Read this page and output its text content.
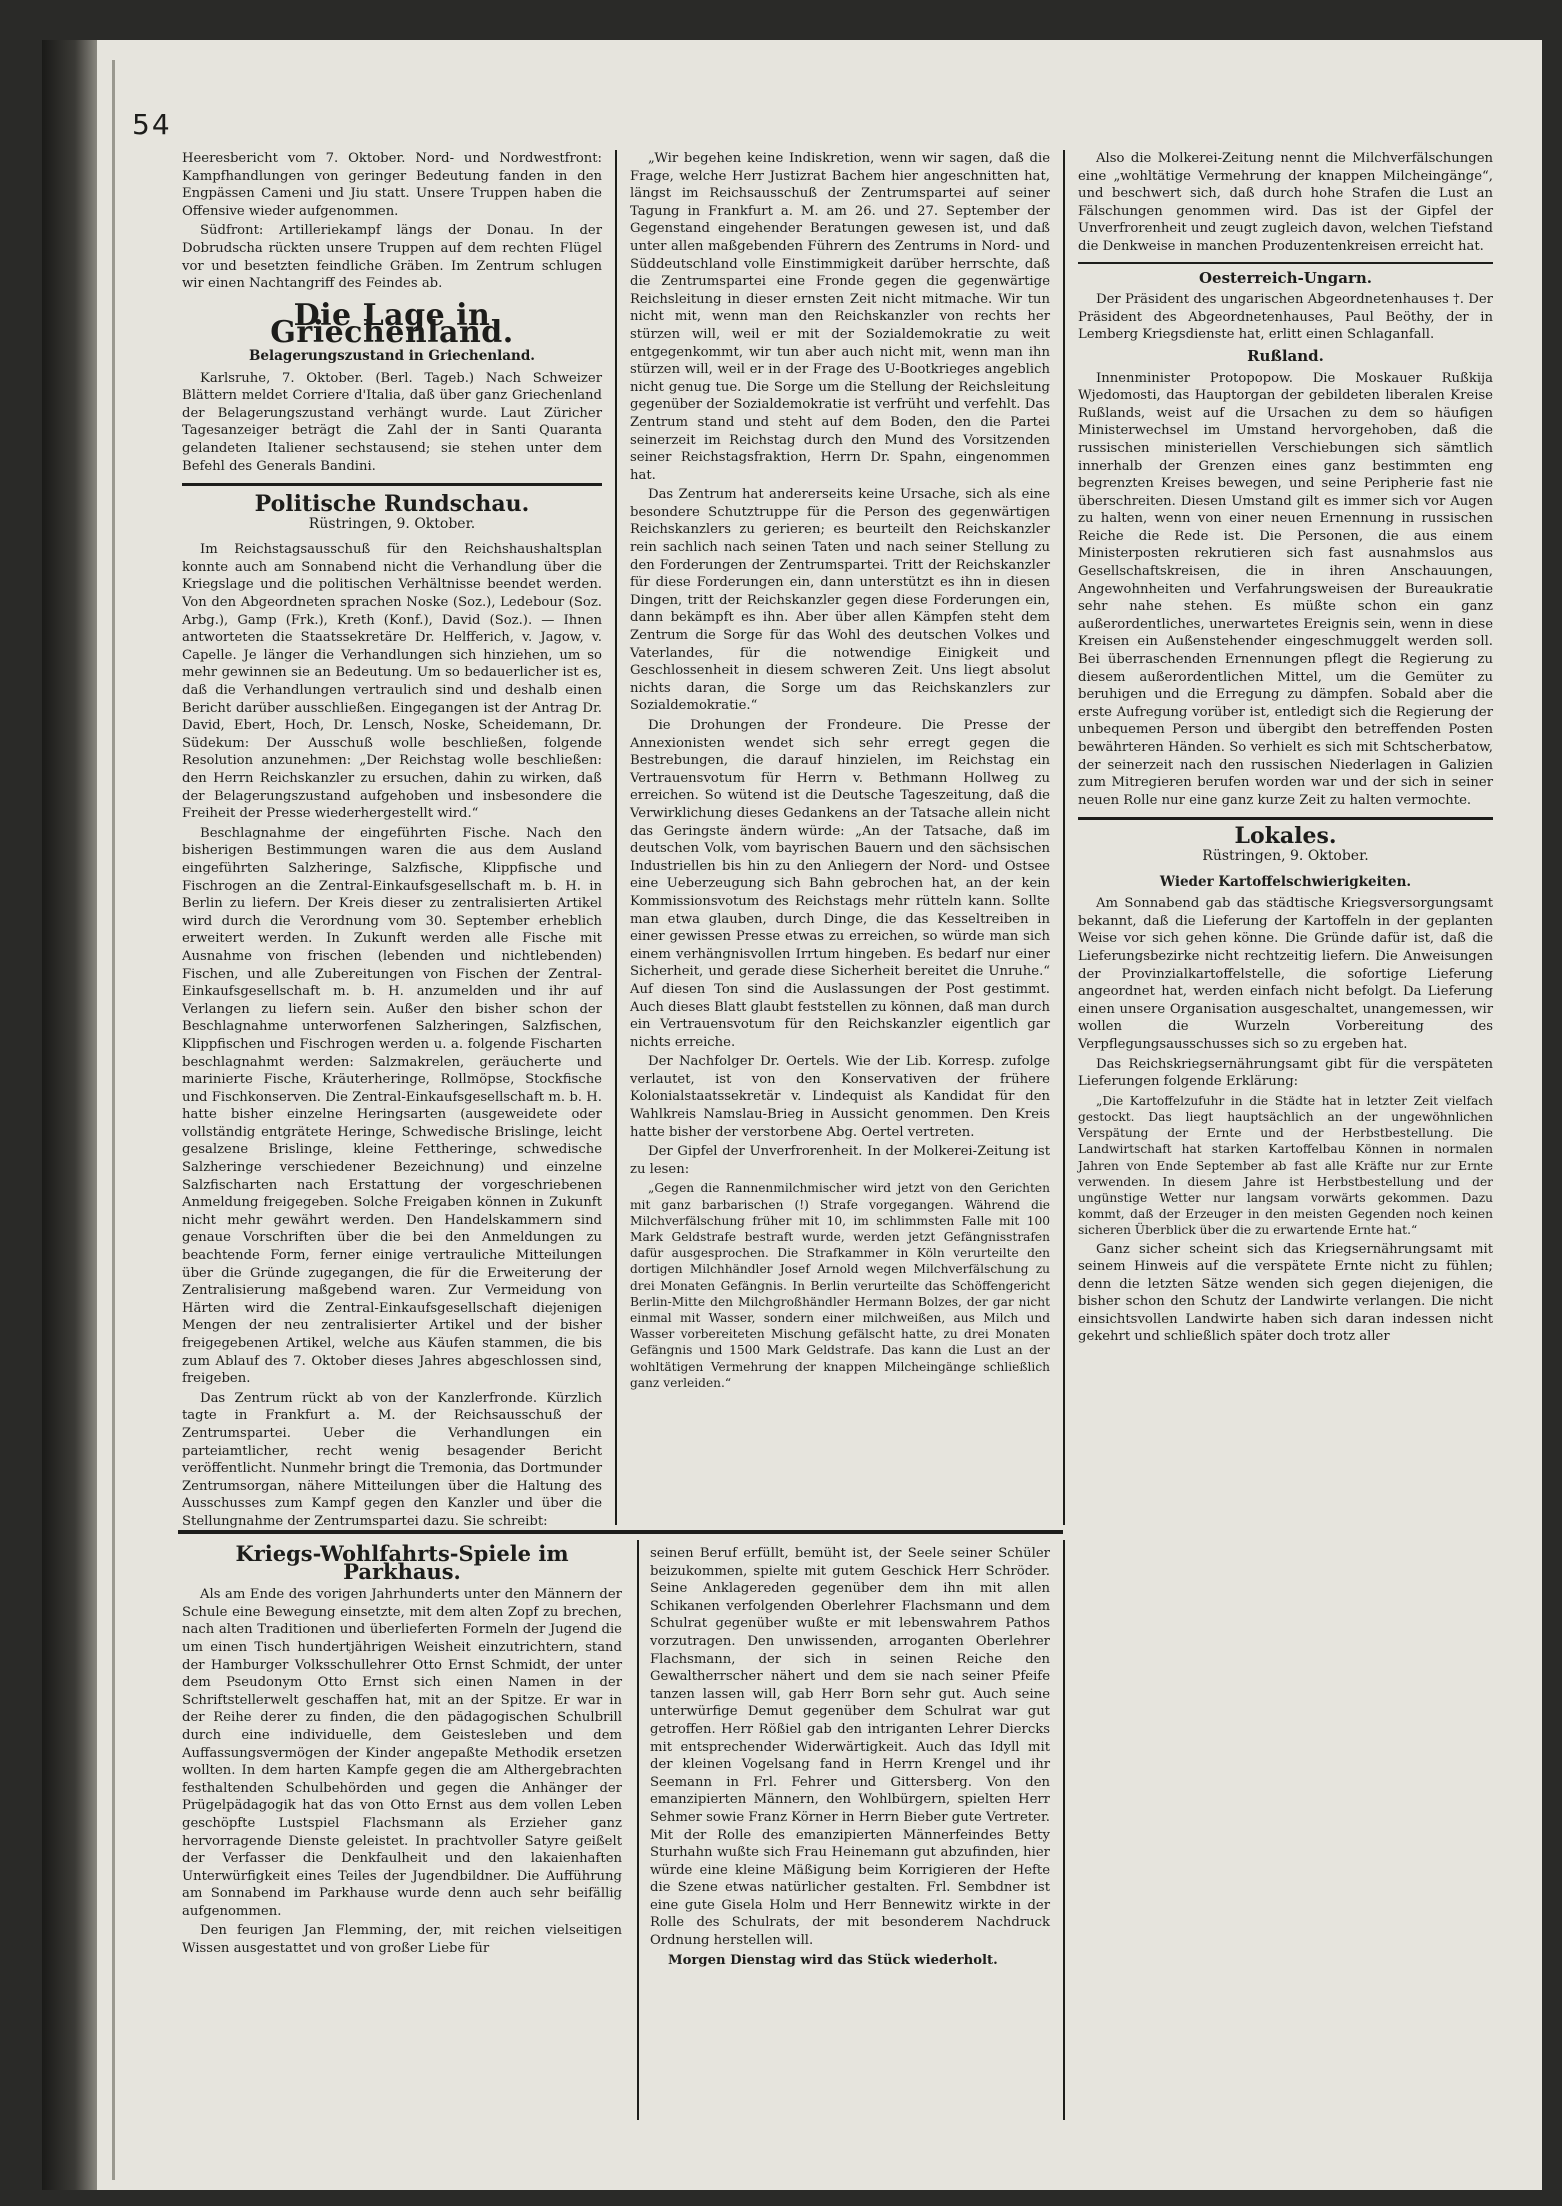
54

Heeresbericht vom 7. Oktober. Nord- und Nordwestfront: Kampfhandlungen von geringer Bedeutung fanden in den Engpässen Cameni und Jiu statt. Unsere Truppen haben die Offensive wieder aufgenommen.

Südfront: Artilleriekampf längs der Donau. In der Dobrudscha rückten unsere Truppen auf dem rechten Flügel vor und besetzten feindliche Gräben. Im Zentrum schlugen wir einen Nachtangriff des Feindes ab.

Die Lage in Griechenland.
Belagerungszustand in Griechenland.

Karlsruhe, 7. Oktober. (Berl. Tageb.) Nach Schweizer Blättern meldet Corriere d'Italia, daß über ganz Griechenland der Belagerungszustand verhängt wurde. Laut Züricher Tagesanzeiger beträgt die Zahl der in Santi Quaranta gelandeten Italiener sechstausend; sie stehen unter dem Befehl des Generals Bandini.

Politische Rundschau.
Rüstringen, 9. Oktober.

Im Reichstagsausschuß für den Reichshaushaltsplan konnte auch am Sonnabend nicht die Verhandlung über die Kriegslage und die politischen Verhältnisse beendet werden. Von den Abgeordneten sprachen Noske (Soz.), Ledebour (Soz. Arbg.), Gamp (Frk.), Kreth (Konf.), David (Soz.). — Ihnen antworteten die Staatssekretäre Dr. Helfferich, v. Jagow, v. Capelle. Je länger die Verhandlungen sich hinziehen, um so mehr gewinnen sie an Bedeutung. Um so bedauerlicher ist es, daß die Verhandlungen vertraulich sind und deshalb einen Bericht darüber ausschließen. Eingegangen ist der Antrag Dr. David, Ebert, Hoch, Dr. Lensch, Noske, Scheidemann, Dr. Südekum: Der Ausschuß wolle beschließen, folgende Resolution anzunehmen: „Der Reichstag wolle beschließen: den Herrn Reichskanzler zu ersuchen, dahin zu wirken, daß der Belagerungszustand aufgehoben und insbesondere die Freiheit der Presse wiederhergestellt wird.“

Beschlagnahme der eingeführten Fische. Nach den bisherigen Bestimmungen waren die aus dem Ausland eingeführten Salzheringe, Salzfische, Klippfische und Fischrogen an die Zentral-Einkaufsgesellschaft m. b. H. in Berlin zu liefern. Der Kreis dieser zu zentralisierten Artikel wird durch die Verordnung vom 30. September erheblich erweitert werden. In Zukunft werden alle Fische mit Ausnahme von frischen (lebenden und nichtlebenden) Fischen, und alle Zubereitungen von Fischen der Zentral-Einkaufsgesellschaft m. b. H. anzumelden und ihr auf Verlangen zu liefern sein. Außer den bisher schon der Beschlagnahme unterworfenen Salzheringen, Salzfischen, Klippfischen und Fischrogen werden u. a. folgende Fischarten beschlagnahmt werden: Salzmakrelen, geräucherte und marinierte Fische, Kräuterheringe, Rollmöpse, Stockfische und Fischkonserven. Die Zentral-Einkaufsgesellschaft m. b. H. hatte bisher einzelne Heringsarten (ausgeweidete oder vollständig entgrätete Heringe, Schwedische Brislinge, leicht gesalzene Brislinge, kleine Fettheringe, schwedische Salzheringe verschiedener Bezeichnung) und einzelne Salzfischarten nach Erstattung der vorgeschriebenen Anmeldung freigegeben. Solche Freigaben können in Zukunft nicht mehr gewährt werden. Den Handelskammern sind genaue Vorschriften über die bei den Anmeldungen zu beachtende Form, ferner einige vertrauliche Mitteilungen über die Gründe zugegangen, die für die Erweiterung der Zentralisierung maßgebend waren. Zur Vermeidung von Härten wird die Zentral-Einkaufsgesellschaft diejenigen Mengen der neu zentralisierter Artikel und der bisher freigegebenen Artikel, welche aus Käufen stammen, die bis zum Ablauf des 7. Oktober dieses Jahres abgeschlossen sind, freigeben.

Das Zentrum rückt ab von der Kanzlerfronde. Kürzlich tagte in Frankfurt a. M. der Reichsausschuß der Zentrumspartei. Ueber die Verhandlungen ein parteiamtlicher, recht wenig besagender Bericht veröffentlicht. Nunmehr bringt die Tremonia, das Dortmunder Zentrumsorgan, nähere Mitteilungen über die Haltung des Ausschusses zum Kampf gegen den Kanzler und über die Stellungnahme der Zentrumspartei dazu. Sie schreibt:

„Wir begehen keine Indiskretion, wenn wir sagen, daß die Frage, welche Herr Justizrat Bachem hier angeschnitten hat, längst im Reichsausschuß der Zentrumspartei auf seiner Tagung in Frankfurt a. M. am 26. und 27. September der Gegenstand eingehender Beratungen gewesen ist, und daß unter allen maßgebenden Führern des Zentrums in Nord- und Süddeutschland volle Einstimmigkeit darüber herrschte, daß die Zentrumspartei eine Fronde gegen die gegenwärtige Reichsleitung in dieser ernsten Zeit nicht mitmache. Wir tun nicht mit, wenn man den Reichskanzler von rechts her stürzen will, weil er mit der Sozialdemokratie zu weit entgegenkommt, wir tun aber auch nicht mit, wenn man ihn stürzen will, weil er in der Frage des U-Bootkrieges angeblich nicht genug tue. Die Sorge um die Stellung der Reichsleitung gegenüber der Sozialdemokratie ist verfrüht und verfehlt. Das Zentrum stand und steht auf dem Boden, den die Partei seinerzeit im Reichstag durch den Mund des Vorsitzenden seiner Reichstagsfraktion, Herrn Dr. Spahn, eingenommen hat.

Das Zentrum hat andererseits keine Ursache, sich als eine besondere Schutztruppe für die Person des gegenwärtigen Reichskanzlers zu gerieren; es beurteilt den Reichskanzler rein sachlich nach seinen Taten und nach seiner Stellung zu den Forderungen der Zentrumspartei. Tritt der Reichskanzler für diese Forderungen ein, dann unterstützt es ihn in diesen Dingen, tritt der Reichskanzler gegen diese Forderungen ein, dann bekämpft es ihn. Aber über allen Kämpfen steht dem Zentrum die Sorge für das Wohl des deutschen Volkes und Vaterlandes, für die notwendige Einigkeit und Geschlossenheit in diesem schweren Zeit. Uns liegt absolut nichts daran, die Sorge um das Reichskanzlers zur Sozialdemokratie.“

Die Drohungen der Frondeure. Die Presse der Annexionisten wendet sich sehr erregt gegen die Bestrebungen, die darauf hinzielen, im Reichstag ein Vertrauensvotum für Herrn v. Bethmann Hollweg zu erreichen. So wütend ist die Deutsche Tageszeitung, daß die Verwirklichung dieses Gedankens an der Tatsache allein nicht das Geringste ändern würde: „An der Tatsache, daß im deutschen Volk, vom bayrischen Bauern und den sächsischen Industriellen bis hin zu den Anliegern der Nord- und Ostsee eine Ueberzeugung sich Bahn gebrochen hat, an der kein Kommissionsvotum des Reichstags mehr rütteln kann. Sollte man etwa glauben, durch Dinge, die das Kesseltreiben in einer gewissen Presse etwas zu erreichen, so würde man sich einem verhängnisvollen Irrtum hingeben. Es bedarf nur einer Sicherheit, und gerade diese Sicherheit bereitet die Unruhe.“ Auf diesen Ton sind die Auslassungen der Post gestimmt. Auch dieses Blatt glaubt feststellen zu können, daß man durch ein Vertrauensvotum für den Reichskanzler eigentlich gar nichts erreiche.

Der Nachfolger Dr. Oertels. Wie der Lib. Korresp. zufolge verlautet, ist von den Konservativen der frühere Kolonialstaatssekretär v. Lindequist als Kandidat für den Wahlkreis Namslau-Brieg in Aussicht genommen. Den Kreis hatte bisher der verstorbene Abg. Oertel vertreten.

Der Gipfel der Unverfrorenheit. In der Molkerei-Zeitung ist zu lesen:

„Gegen die Rannenmilchmischer wird jetzt von den Gerichten mit ganz barbarischen (!) Strafe vorgegangen. Während die Milchverfälschung früher mit 10, im schlimmsten Falle mit 100 Mark Geldstrafe bestraft wurde, werden jetzt Gefängnisstrafen dafür ausgesprochen. Die Strafkammer in Köln verurteilte den dortigen Milchhändler Josef Arnold wegen Milchverfälschung zu drei Monaten Gefängnis. In Berlin verurteilte das Schöffengericht Berlin-Mitte den Milchgroßhändler Hermann Bolzes, der gar nicht einmal mit Wasser, sondern einer milchweißen, aus Milch und Wasser vorbereiteten Mischung gefälscht hatte, zu drei Monaten Gefängnis und 1500 Mark Geldstrafe. Das kann die Lust an der wohltätigen Vermehrung der knappen Milcheingänge schließlich ganz verleiden.“

Also die Molkerei-Zeitung nennt die Milchverfälschungen eine „wohltätige Vermehrung der knappen Milcheingänge“, und beschwert sich, daß durch hohe Strafen die Lust an Fälschungen genommen wird. Das ist der Gipfel der Unverfrorenheit und zeugt zugleich davon, welchen Tiefstand die Denkweise in manchen Produzentenkreisen erreicht hat.

Oesterreich-Ungarn.

Der Präsident des ungarischen Abgeordnetenhauses †. Der Präsident des Abgeordnetenhauses, Paul Beöthy, der in Lemberg Kriegsdienste hat, erlitt einen Schlaganfall.

Rußland.

Innenminister Protopopow. Die Moskauer Rußkija Wjedomosti, das Hauptorgan der gebildeten liberalen Kreise Rußlands, weist auf die Ursachen zu dem so häufigen Ministerwechsel im Umstand hervorgehoben, daß die russischen ministeriellen Verschiebungen sich sämtlich innerhalb der Grenzen eines ganz bestimmten eng begrenzten Kreises bewegen, und seine Peripherie fast nie überschreiten. Diesen Umstand gilt es immer sich vor Augen zu halten, wenn von einer neuen Ernennung in russischen Reiche die Rede ist. Die Personen, die aus einem Ministerposten rekrutieren sich fast ausnahmslos aus Gesellschaftskreisen, die in ihren Anschauungen, Angewohnheiten und Verfahrungsweisen der Bureaukratie sehr nahe stehen. Es müßte schon ein ganz außerordentliches, unerwartetes Ereignis sein, wenn in diese Kreisen ein Außenstehender eingeschmuggelt werden soll. Bei überraschenden Ernennungen pflegt die Regierung zu diesem außerordentlichen Mittel, um die Gemüter zu beruhigen und die Erregung zu dämpfen. Sobald aber die erste Aufregung vorüber ist, entledigt sich die Regierung der unbequemen Person und übergibt den betreffenden Posten bewährteren Händen. So verhielt es sich mit Schtscherbatow, der seinerzeit nach den russischen Niederlagen in Galizien zum Mitregieren berufen worden war und der sich in seiner neuen Rolle nur eine ganz kurze Zeit zu halten vermochte.

Lokales.
Rüstringen, 9. Oktober.
Wieder Kartoffelschwierigkeiten.

Am Sonnabend gab das städtische Kriegsversorgungsamt bekannt, daß die Lieferung der Kartoffeln in der geplanten Weise vor sich gehen könne. Die Gründe dafür ist, daß die Lieferungsbezirke nicht rechtzeitig liefern. Die Anweisungen der Provinzialkartoffelstelle, die sofortige Lieferung angeordnet hat, werden einfach nicht befolgt. Da Lieferung einen unsere Organisation ausgeschaltet, unangemessen, wir wollen die Wurzeln Vorbereitung des Verpflegungsausschusses sich so zu ergeben hat.

Das Reichskriegsernährungsamt gibt für die verspäteten Lieferungen folgende Erklärung:

„Die Kartoffelzufuhr in die Städte hat in letzter Zeit vielfach gestockt. Das liegt hauptsächlich an der ungewöhnlichen Verspätung der Ernte und der Herbstbestellung. Die Landwirtschaft hat starken Kartoffelbau Können in normalen Jahren von Ende September ab fast alle Kräfte nur zur Ernte verwenden. In diesem Jahre ist Herbstbestellung und der ungünstige Wetter nur langsam vorwärts gekommen. Dazu kommt, daß der Erzeuger in den meisten Gegenden noch keinen sicheren Überblick über die zu erwartende Ernte hat.“

Ganz sicher scheint sich das Kriegsernährungsamt mit seinem Hinweis auf die verspätete Ernte nicht zu fühlen; denn die letzten Sätze wenden sich gegen diejenigen, die bisher schon den Schutz der Landwirte verlangen. Die nicht einsichtsvollen Landwirte haben sich daran indessen nicht gekehrt und schließlich später doch trotz aller

Kriegs-Wohlfahrts-Spiele im Parkhaus.

Als am Ende des vorigen Jahrhunderts unter den Männern der Schule eine Bewegung einsetzte, mit dem alten Zopf zu brechen, nach alten Traditionen und überlieferten Formeln der Jugend die um einen Tisch hundertjährigen Weisheit einzutrichtern, stand der Hamburger Volksschullehrer Otto Ernst Schmidt, der unter dem Pseudonym Otto Ernst sich einen Namen in der Schriftstellerwelt geschaffen hat, mit an der Spitze. Er war in der Reihe derer zu finden, die den pädagogischen Schulbrill durch eine individuelle, dem Geistesleben und dem Auffassungsvermögen der Kinder angepaßte Methodik ersetzen wollten. In dem harten Kampfe gegen die am Althergebrachten festhaltenden Schulbehörden und gegen die Anhänger der Prügelpädagogik hat das von Otto Ernst aus dem vollen Leben geschöpfte Lustspiel Flachsmann als Erzieher ganz hervorragende Dienste geleistet. In prachtvoller Satyre geißelt der Verfasser die Denkfaulheit und den lakaienhaften Unterwürfigkeit eines Teiles der Jugendbildner. Die Aufführung am Sonnabend im Parkhause wurde denn auch sehr beifällig aufgenommen.

Den feurigen Jan Flemming, der, mit reichen vielseitigen Wissen ausgestattet und von großer Liebe für

seinen Beruf erfüllt, bemüht ist, der Seele seiner Schüler beizukommen, spielte mit gutem Geschick Herr Schröder. Seine Anklagereden gegenüber dem ihn mit allen Schikanen verfolgenden Oberlehrer Flachsmann und dem Schulrat gegenüber wußte er mit lebenswahrem Pathos vorzutragen. Den unwissenden, arroganten Oberlehrer Flachsmann, der sich in seinen Reiche den Gewaltherrscher nähert und dem sie nach seiner Pfeife tanzen lassen will, gab Herr Born sehr gut. Auch seine unterwürfige Demut gegenüber dem Schulrat war gut getroffen. Herr Rößiel gab den intriganten Lehrer Diercks mit entsprechender Widerwärtigkeit. Auch das Idyll mit der kleinen Vogelsang fand in Herrn Krengel und ihr Seemann in Frl. Fehrer und Gittersberg. Von den emanzipierten Männern, den Wohlbürgern, spielten Herr Sehmer sowie Franz Körner in Herrn Bieber gute Vertreter. Mit der Rolle des emanzipierten Männerfeindes Betty Sturhahn wußte sich Frau Heinemann gut abzufinden, hier würde eine kleine Mäßigung beim Korrigieren der Hefte die Szene etwas natürlicher gestalten. Frl. Sembdner ist eine gute Gisela Holm und Herr Bennewitz wirkte in der Rolle des Schulrats, der mit besonderem Nachdruck Ordnung herstellen will.

Morgen Dienstag wird das Stück wiederholt.
